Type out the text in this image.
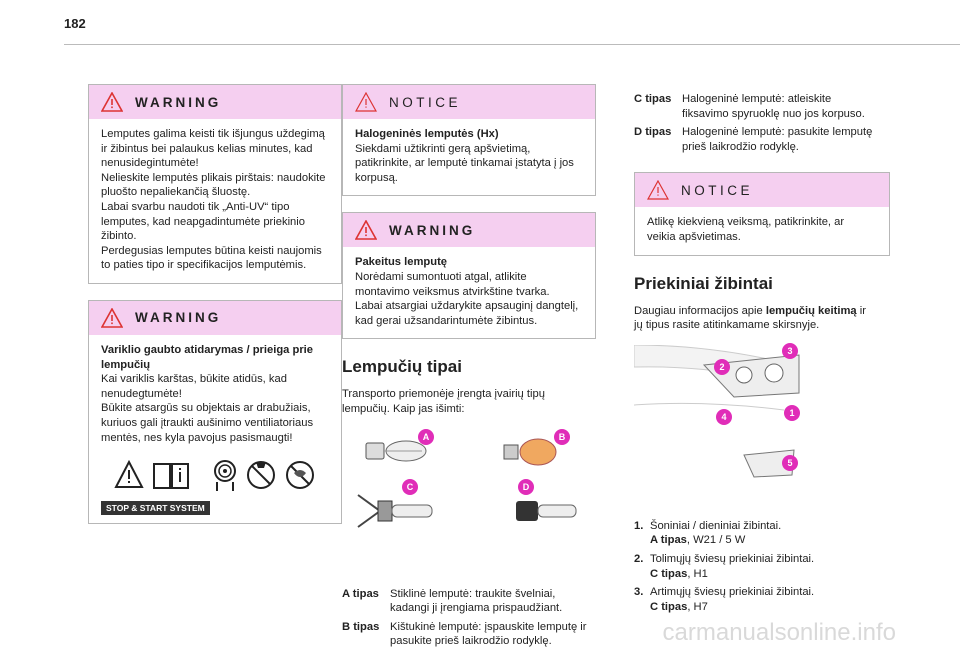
182
WARNING
Lemputes galima keisti tik išjungus uždegimą
ir žibintus bei palaukus kelias minutes, kad
nenusidegintumėte!
Nelieskite lemputės plikais pirštais: naudokite
pluošto nepaliekančią šluostę.
Labai svarbu naudoti tik „Anti-UV“ tipo
lemputes, kad neapgadintumėte priekinio
žibinto.
Perdegusias lemputes būtina keisti naujomis
to paties tipo ir specifikacijos lemputėmis.
WARNING
Variklio gaubto atidarymas / prieiga prie lempučių
Kai variklis karštas, būkite atidūs, kad
nenudegtumėte!
Būkite atsargūs su objektais ar drabužiais,
kuriuos gali įtraukti aušinimo ventiliatoriaus
mentės, nes kyla pavojus pasismaugti!
STOP & START SYSTEM
NOTICE
Halogeninės lemputės (Hx)
Siekdami užtikrinti gerą apšvietimą,
patikrinkite, ar lemputė tinkamai įstatyta į jos
korpusą.
WARNING
Pakeitus lemputę
Norėdami sumontuoti atgal, atlikite
montavimo veiksmus atvirkštine tvarka.
Labai atsargiai uždarykite apsauginį dangtelį,
kad gerai užsandarintumėte žibintus.
Lempučių tipai
Transporto priemonėje įrengta įvairių tipų
lempučių. Kaip jas išimti:
A	B
C	D
A tipas Stiklinė lemputė: traukite švelniai,
kadangi ji įrengiama prispaudžiant.
B tipas Kištukinė lemputė: įspauskite lemputę ir
pasukite prieš laikrodžio rodyklę.
C tipas Halogeninė lemputė: atleiskite
fiksavimo spyruoklę nuo jos korpuso.
D tipas Halogeninė lemputė: pasukite lemputę
prieš laikrodžio rodyklę.
NOTICE
Atlikę kiekvieną veiksmą, patikrinkite, ar
veikia apšvietimas.
Priekiniai žibintai
Daugiau informacijos apie lempučių keitimą ir
jų tipus rasite atitinkamame skirsnyje.
1
2
3
4
5
1. Šoniniai / dieniniai žibintai.
A tipas, W21 / 5 W
2. Tolimųjų šviesų priekiniai žibintai.
C tipas, H1
3. Artimųjų šviesų priekiniai žibintai.
C tipas, H7
carmanualsonline.info
